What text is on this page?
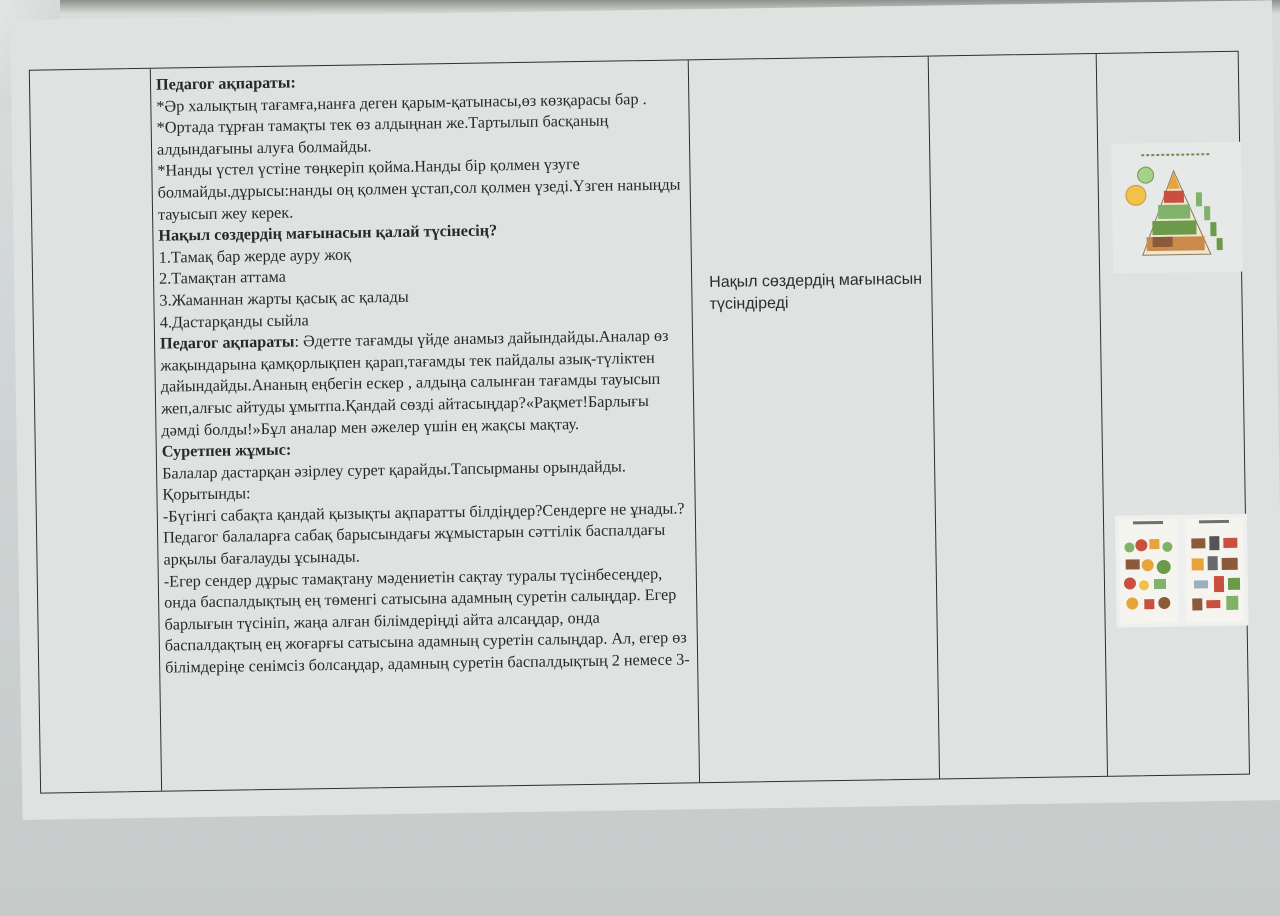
Педагог ақпараты:

*Әр халықтың тағамға,нанға деген қарым-қатынасы,өз көзқарасы бар .

*Ортада тұрған тамақты тек өз алдыңнан же.Тартылып басқаның алдындағыны алуға болмайды.

*Нанды үстел үстіне төңкеріп қойма.Нанды бір қолмен үзуге болмайды.дұрысы:нанды оң қолмен ұстап,сол қолмен үзеді.Үзген наныңды тауысып жеу керек.

Нақыл сөздердің мағынасын қалай түсінесің?

1.Тамақ бар жерде ауру жоқ

2.Тамақтан аттама

3.Жаманнан жарты қасық ас қалады

4.Дастарқанды сыйла

Педагог ақпараты: Әдетте тағамды үйде анамыз дайындайды.Аналар өз жақындарына қамқорлықпен қарап,тағамды тек пайдалы азық-түліктен дайындайды.Ананың еңбегін ескер , алдыңа салынған тағамды тауысып жеп,алғыс айтуды ұмытпа.Қандай сөзді айтасыңдар?«Рақмет!Барлығы дәмді болды!»Бұл аналар мен әжелер үшін ең жақсы мақтау.

Суретпен жұмыс:

Балалар дастарқан әзірлеу сурет қарайды.Тапсырманы орындайды.

Қорытынды:

-Бүгінгі сабақта қандай қызықты ақпаратты білдіңдер?Сендерге не ұнады.?

Педагог балаларға сабақ барысындағы жұмыстарын сәттілік баспалдағы арқылы бағалауды ұсынады.

-Егер сендер дұрыс тамақтану мәдениетін сақтау туралы түсінбесеңдер, онда баспалдықтың ең төменгі сатысына адамның суретін салыңдар. Егер барлығын түсініп, жаңа алған білімдеріңді айта алсаңдар, онда баспалдақтың ең жоғарғы сатысына адамның суретін салыңдар. Ал, егер өз білімдеріңе сенімсіз болсаңдар, адамның суретін баспалдықтың 2 немесе 3-

Нақыл сөздердің мағынасын түсіндіреді
